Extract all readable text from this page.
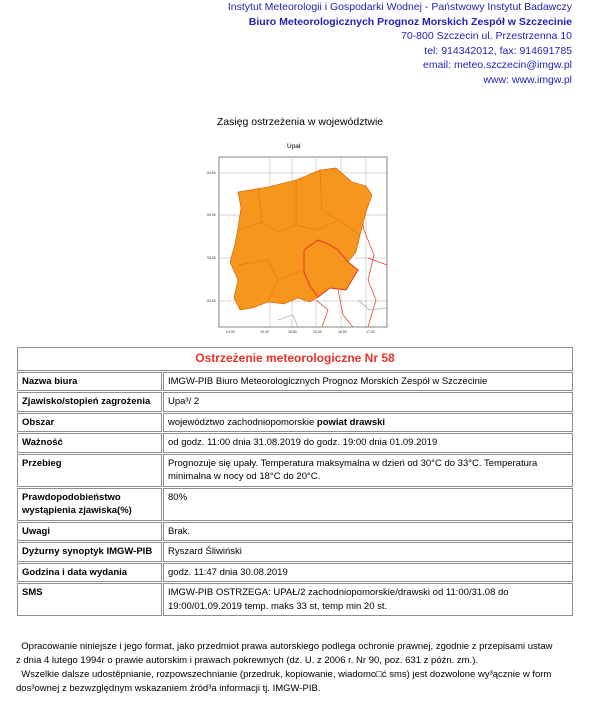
Instytut Meteorologii i Gospodarki Wodnej - Państwowy Instytut Badawczy
Biuro Meteorologicznych Prognoz Morskich Zespół w Szczecinie
70-800 Szczecin ul. Przestrzenna 10
tel: 914342012, fax: 914691785
email: meteo.szczecin@imgw.pl
www: www.imgw.pl
Zasięg ostrzeżenia w województwie
54.50
54.00
53.50
53.00
14.50	15.00	15.50	16.00	16.50	17.00
Upał
Ostrzeżenie meteorologiczne Nr 58	
Nazwa biura	IMGW-PIB Biuro Meteorologicznych Prognoz Morskich Zespół w Szczecinie
Zjawisko/stopień zagrożenia	Upa³/ 2
Obszar	województwo zachodniopomorskie powiat drawski
Ważność	od godz. 11:00 dnia 31.08.2019 do godz. 19:00 dnia 01.09.2019
Przebieg	Prognozuje się upały. Temperatura maksymalna w dzień od 30°C do 33°C. Temperatura minimalna w nocy od 18°C do 20°C.
Prawdopodobieństwo wystąpienia zjawiska(%)	80%
Uwagi	Brak.
Dyżurny synoptyk IMGW-PIB	Ryszard Śliwiński
Godzina i data wydania	godz. 11:47 dnia 30.08.2019
SMS	IMGW-PIB OSTRZEGA: UPAŁ/2 zachodniopomorskie/drawski od 11:00/31.08 do 19:00/01.09.2019 temp. maks 33 st, temp min 20 st.

Opracowanie niniejsze i jego format, jako przedmiot prawa autorskiego podlega ochronie prawnej, zgodnie z przepisami ustaw

z dnia 4 lutego 1994r o prawie autorskim i prawach pokrewnych (dz. U. z 2006 r. Nr 90, poz. 631 z późn. zm.).

Wszelkie dalsze udostêpnianie, rozpowszechnianie (przedruk, kopiowanie, wiadomo□ć sms) jest dozwolone wy³ącznie w form

dos³ownej z bezwzględnym wskazaniem źród³a informacji tj. IMGW-PIB.
